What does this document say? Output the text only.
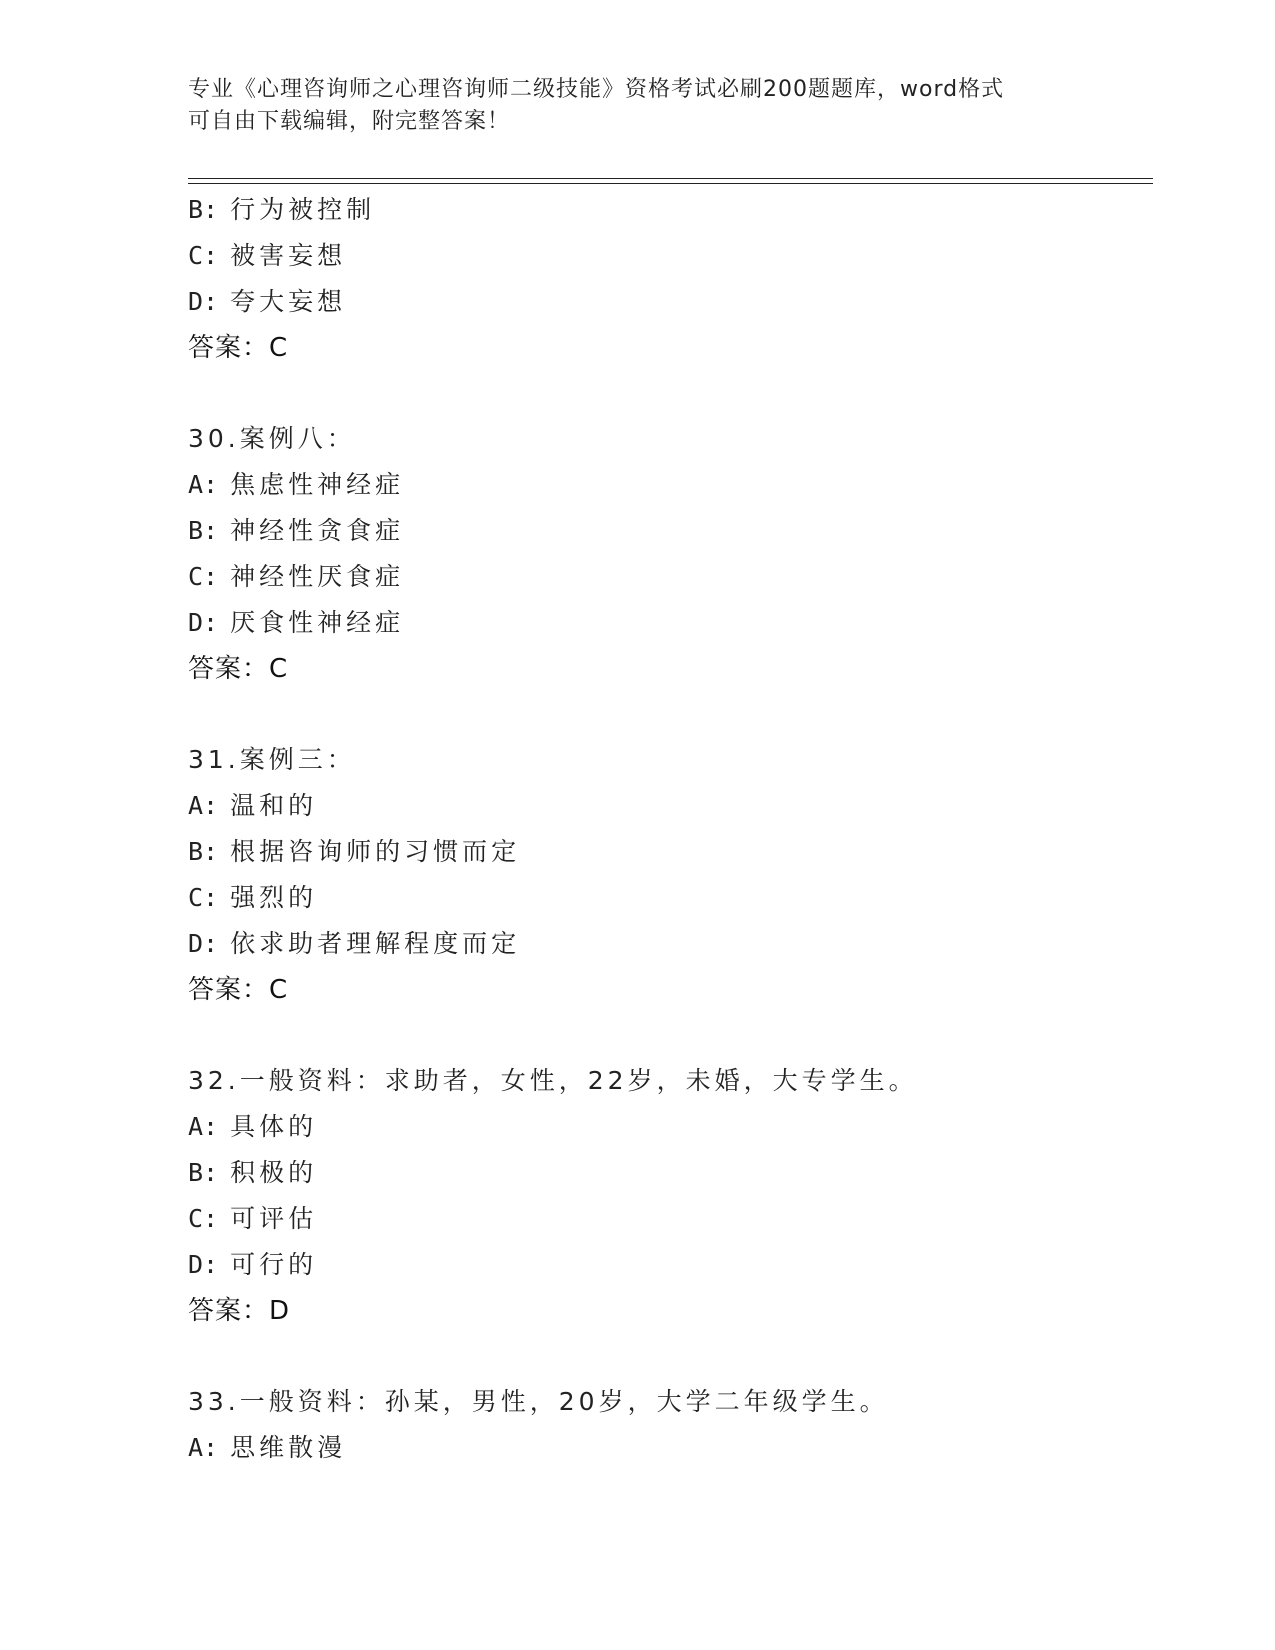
专业《心理咨询师之心理咨询师二级技能》资格考试必刷200题题库，word格式
可自由下载编辑，附完整答案！
B: 行为被控制
C: 被害妄想
D: 夸大妄想
答案：C
30.案例八：
A: 焦虑性神经症
B: 神经性贪食症
C: 神经性厌食症
D: 厌食性神经症
答案：C
31.案例三：
A: 温和的
B: 根据咨询师的习惯而定
C: 强烈的
D: 依求助者理解程度而定
答案：C
32.一般资料：求助者，女性，22岁，未婚，大专学生。
A: 具体的
B: 积极的
C: 可评估
D: 可行的
答案：D
33.一般资料：孙某，男性，20岁，大学二年级学生。
A: 思维散漫
